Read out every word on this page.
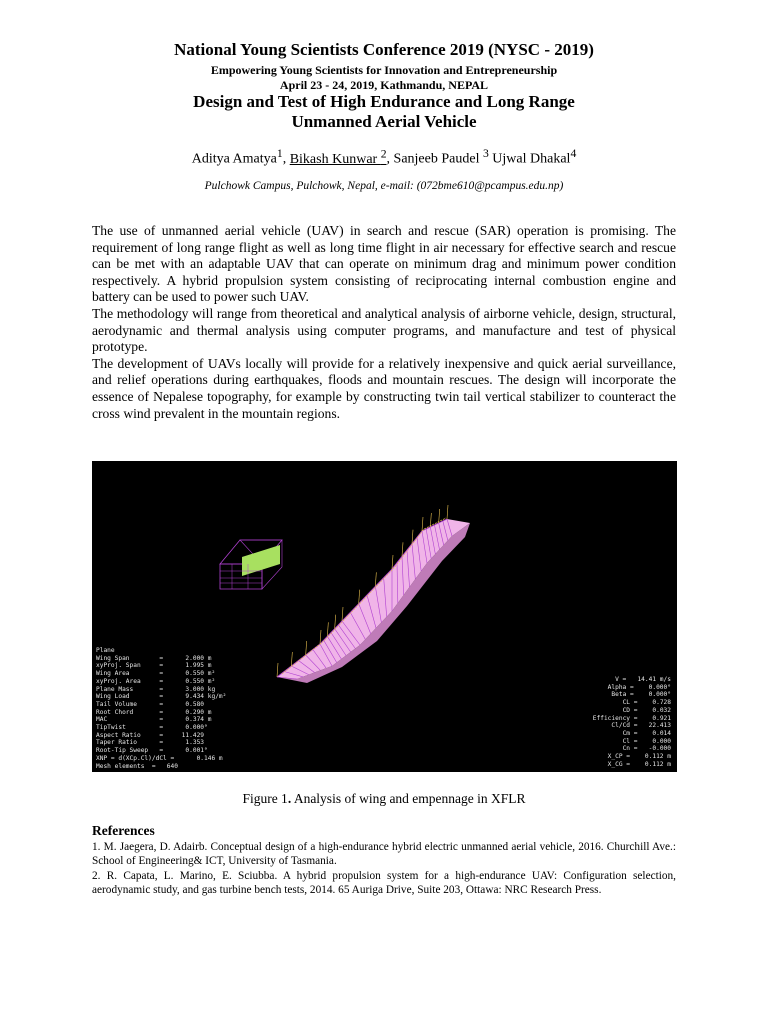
National Young Scientists Conference 2019 (NYSC - 2019)
Empowering Young Scientists for Innovation and Entrepreneurship
April 23 - 24, 2019, Kathmandu, NEPAL
Design and Test of High Endurance and Long Range
Unmanned Aerial Vehicle
Aditya Amatya$^1$, Bikash Kunwar $^2$, Sanjeeb Paudel $^3$ Ujwal Dhakal$^4$
Pulchowk Campus, Pulchowk, Nepal, e-mail: (072bme610@pcampus.edu.np)

The use of unmanned aerial vehicle (UAV) in search and rescue (SAR) operation is promising. The requirement of long range flight as well as long time flight in air necessary for effective search and rescue can be met with an adaptable UAV that can operate on minimum drag and minimum power condition respectively. A hybrid propulsion system consisting of reciprocating internal combustion engine and battery can be used to power such UAV.

The methodology will range from theoretical and analytical analysis of airborne vehicle, design, structural, aerodynamic and thermal analysis using computer programs, and manufacture and test of physical prototype.

The development of UAVs locally will provide for a relatively inexpensive and quick aerial surveillance, and relief operations during earthquakes, floods and mountain rescues. The design will incorporate the essence of Nepalese topography, for example by constructing twin tail vertical stabilizer to counteract the cross wind prevalent in the mountain regions.

Plane
Wing Span        =      2.000 m
xyProj. Span     =      1.995 m
Wing Area        =      0.550 m²
xyProj. Area     =      0.550 m²
Plane Mass       =      3.000 kg
Wing Load        =      9.434 kg/m²
Tail Volume      =      0.580
Root Chord       =      0.290 m
MAC              =      0.374 m
TipTwist         =      0.000°
Aspect Ratio     =     11.429
Taper Ratio      =      1.353
Root-Tip Sweep   =      0.001°
XNP = d(XCp.Cl)/dCl =      0.146 m
Mesh elements  =   640
V =   14.41 m/s
Alpha =    0.000°
Beta =    0.000°
CL =    0.728
CD =    0.032
Efficiency =    0.921
Cl/Cd =   22.413
Cm =    0.014
Cl =    0.000
Cn =   -0.000
X_CP =    0.112 m
X_CG =    0.112 m
Figure 1. Analysis of wing and empennage in XFLR
References

1. M. Jaegera, D. Adairb. Conceptual design of a high-endurance hybrid electric unmanned aerial vehicle, 2016. Churchill Ave.: School of Engineering& ICT, University of Tasmania.

2. R. Capata, L. Marino, E. Sciubba. A hybrid propulsion system for a high-endurance UAV: Configuration selection, aerodynamic study, and gas turbine bench tests, 2014. 65 Auriga Drive, Suite 203, Ottawa: NRC Research Press.
